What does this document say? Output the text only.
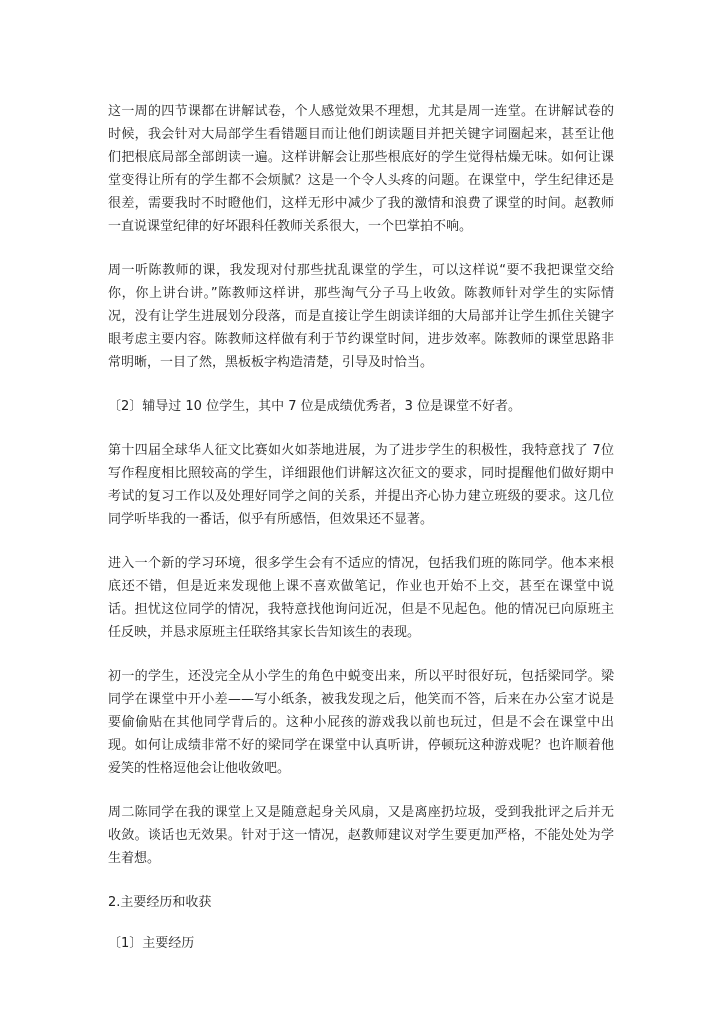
这一周的四节课都在讲解试卷，个人感觉效果不理想，尤其是周一连堂。在讲解试卷的时候，我会针对大局部学生看错题目而让他们朗读题目并把关键字词圈起来，甚至让他们把根底局部全部朗读一遍。这样讲解会让那些根底好的学生觉得枯燥无味。如何让课堂变得让所有的学生都不会烦腻？这是一个令人头疼的问题。在课堂中，学生纪律还是很差，需要我时不时瞪他们，这样无形中减少了我的激情和浪费了课堂的时间。赵教师一直说课堂纪律的好坏跟科任教师关系很大，一个巴掌拍不响。

周一听陈教师的课，我发现对付那些扰乱课堂的学生，可以这样说“要不我把课堂交给你，你上讲台讲。”陈教师这样讲，那些淘气分子马上收敛。陈教师针对学生的实际情况，没有让学生进展划分段落，而是直接让学生朗读详细的大局部并让学生抓住关键字眼考虑主要内容。陈教师这样做有利于节约课堂时间，进步效率。陈教师的课堂思路非常明晰，一目了然，黑板板字构造清楚，引导及时恰当。

〔2〕辅导过 10 位学生，其中 7 位是成绩优秀者，3 位是课堂不好者。

第十四届全球华人征文比赛如火如荼地进展，为了进步学生的积极性，我特意找了 7位写作程度相比照较高的学生，详细跟他们讲解这次征文的要求，同时提醒他们做好期中考试的复习工作以及处理好同学之间的关系，并提出齐心协力建立班级的要求。这几位同学听毕我的一番话，似乎有所感悟，但效果还不显著。

进入一个新的学习环境，很多学生会有不适应的情况，包括我们班的陈同学。他本来根底还不错，但是近来发现他上课不喜欢做笔记，作业也开始不上交，甚至在课堂中说话。担忧这位同学的情况，我特意找他询问近况，但是不见起色。他的情况已向原班主任反映，并恳求原班主任联络其家长告知该生的表现。

初一的学生，还没完全从小学生的角色中蜕变出来，所以平时很好玩，包括梁同学。梁同学在课堂中开小差——写小纸条，被我发现之后，他笑而不答，后来在办公室才说是要偷偷贴在其他同学背后的。这种小屁孩的游戏我以前也玩过，但是不会在课堂中出现。如何让成绩非常不好的梁同学在课堂中认真听讲，停顿玩这种游戏呢？也许顺着他爱笑的性格逗他会让他收敛吧。

周二陈同学在我的课堂上又是随意起身关风扇，又是离座扔垃圾，受到我批评之后并无收敛。谈话也无效果。针对于这一情况，赵教师建议对学生要更加严格，不能处处为学生着想。

2.主要经历和收获

〔1〕主要经历
